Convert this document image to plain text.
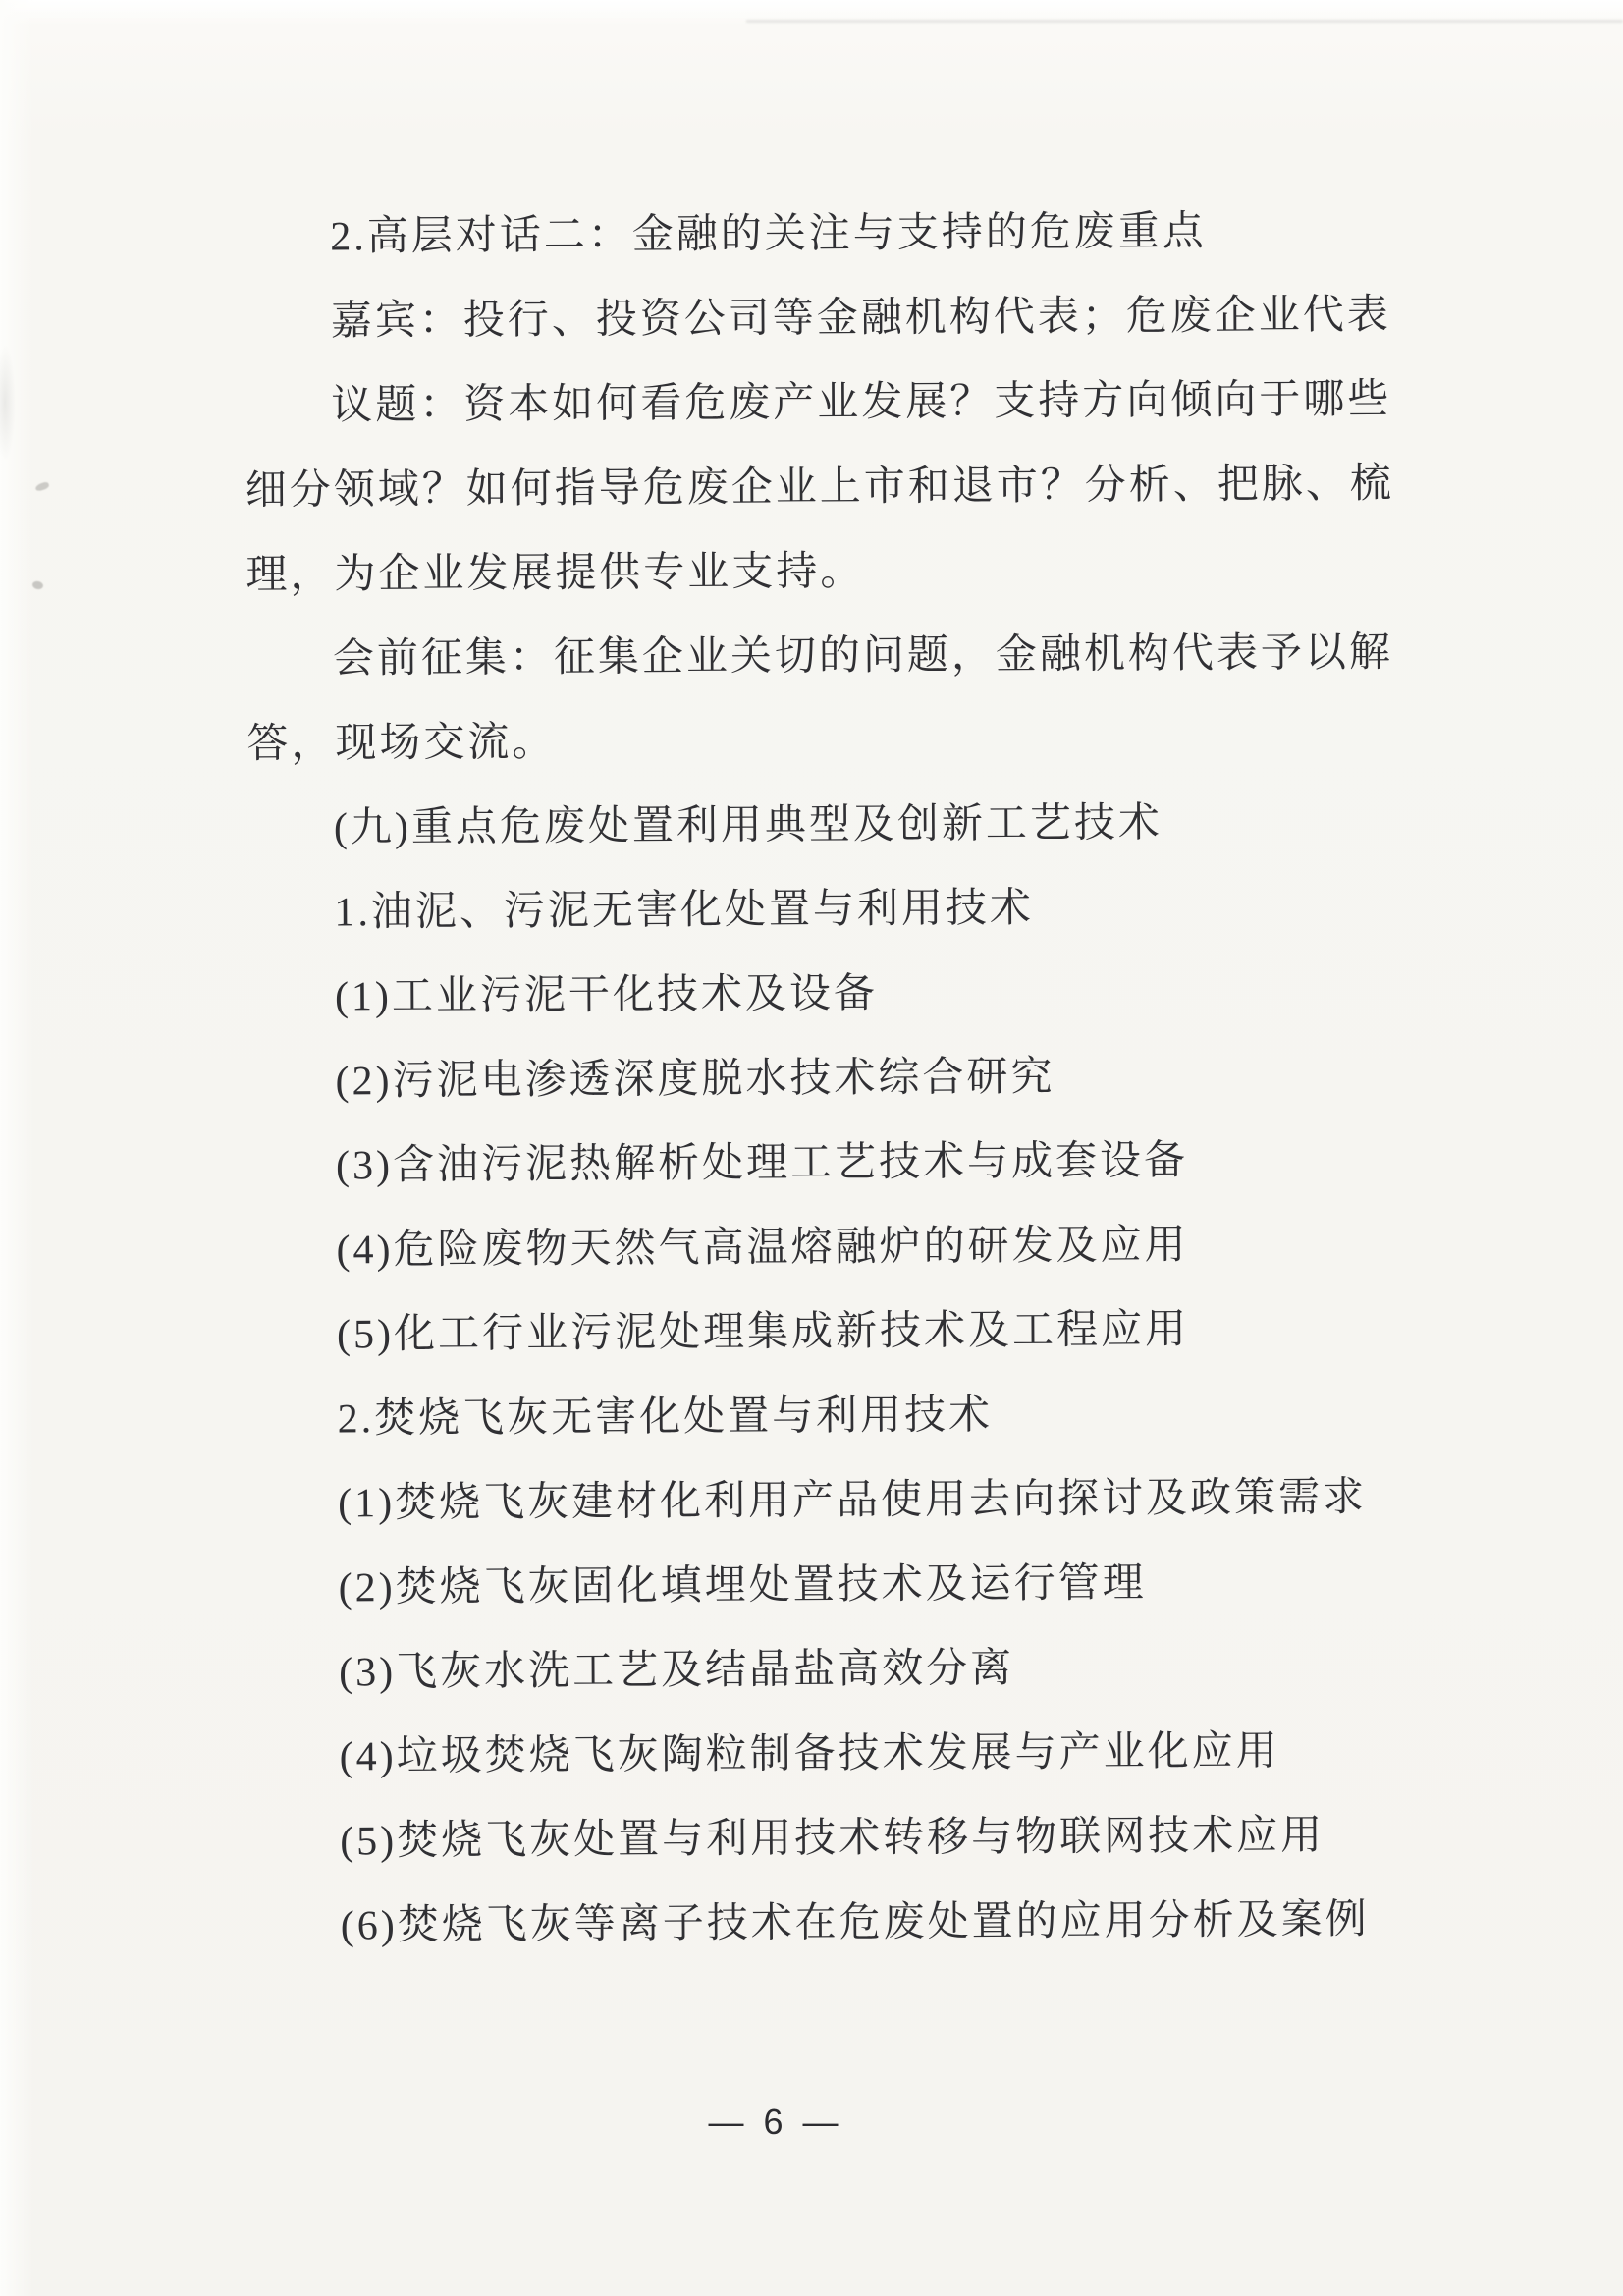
2.高层对话二：金融的关注与支持的危废重点
嘉宾：投行、投资公司等金融机构代表；危废企业代表
议题：资本如何看危废产业发展？支持方向倾向于哪些
细分领域？如何指导危废企业上市和退市？分析、把脉、梳
理，为企业发展提供专业支持。
会前征集：征集企业关切的问题，金融机构代表予以解
答，现场交流。
(九)重点危废处置利用典型及创新工艺技术
1.油泥、污泥无害化处置与利用技术
(1)工业污泥干化技术及设备
(2)污泥电渗透深度脱水技术综合研究
(3)含油污泥热解析处理工艺技术与成套设备
(4)危险废物天然气高温熔融炉的研发及应用
(5)化工行业污泥处理集成新技术及工程应用
2.焚烧飞灰无害化处置与利用技术
(1)焚烧飞灰建材化利用产品使用去向探讨及政策需求
(2)焚烧飞灰固化填埋处置技术及运行管理
(3)飞灰水洗工艺及结晶盐高效分离
(4)垃圾焚烧飞灰陶粒制备技术发展与产业化应用
(5)焚烧飞灰处置与利用技术转移与物联网技术应用
(6)焚烧飞灰等离子技术在危废处置的应用分析及案例
— 6 —
